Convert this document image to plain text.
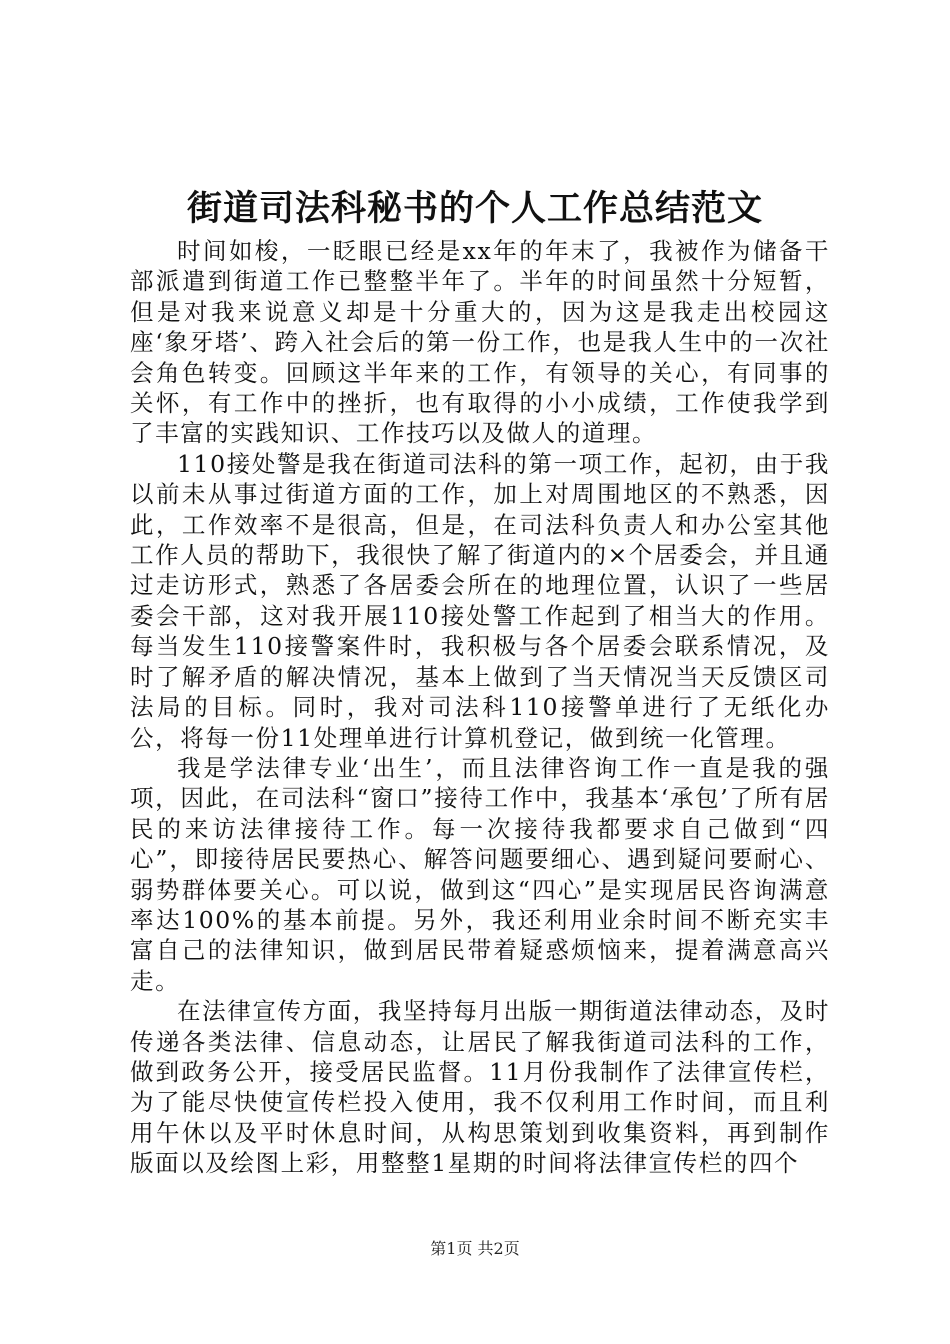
街道司法科秘书的个人工作总结范文

时间如梭，一眨眼已经是xx年的年末了，我被作为储备干部派遣到街道工作已整整半年了。半年的时间虽然十分短暂，但是对我来说意义却是十分重大的，因为这是我走出校园这座‘象牙塔’、跨入社会后的第一份工作，也是我人生中的一次社会角色转变。回顾这半年来的工作，有领导的关心，有同事的关怀，有工作中的挫折，也有取得的小小成绩，工作使我学到了丰富的实践知识、工作技巧以及做人的道理。

110接处警是我在街道司法科的第一项工作，起初，由于我以前未从事过街道方面的工作，加上对周围地区的不熟悉，因此，工作效率不是很高，但是，在司法科负责人和办公室其他工作人员的帮助下，我很快了解了街道内的×个居委会，并且通过走访形式，熟悉了各居委会所在的地理位置，认识了一些居委会干部，这对我开展110接处警工作起到了相当大的作用。每当发生110接警案件时，我积极与各个居委会联系情况，及时了解矛盾的解决情况，基本上做到了当天情况当天反馈区司法局的目标。同时，我对司法科110接警单进行了无纸化办公，将每一份11处理单进行计算机登记，做到统一化管理。

我是学法律专业‘出生’，而且法律咨询工作一直是我的强项，因此，在司法科“窗口”接待工作中，我基本‘承包’了所有居民的来访法律接待工作。每一次接待我都要求自己做到“四心”，即接待居民要热心、解答问题要细心、遇到疑问要耐心、弱势群体要关心。可以说，做到这“四心”是实现居民咨询满意率达100%的基本前提。另外，我还利用业余时间不断充实丰富自己的法律知识，做到居民带着疑惑烦恼来，提着满意高兴走。

在法律宣传方面，我坚持每月出版一期街道法律动态，及时传递各类法律、信息动态，让居民了解我街道司法科的工作，做到政务公开，接受居民监督。11月份我制作了法律宣传栏，为了能尽快使宣传栏投入使用，我不仅利用工作时间，而且利用午休以及平时休息时间，从构思策划到收集资料，再到制作版面以及绘图上彩，用整整1星期的时间将法律宣传栏的四个

第1页 共2页
